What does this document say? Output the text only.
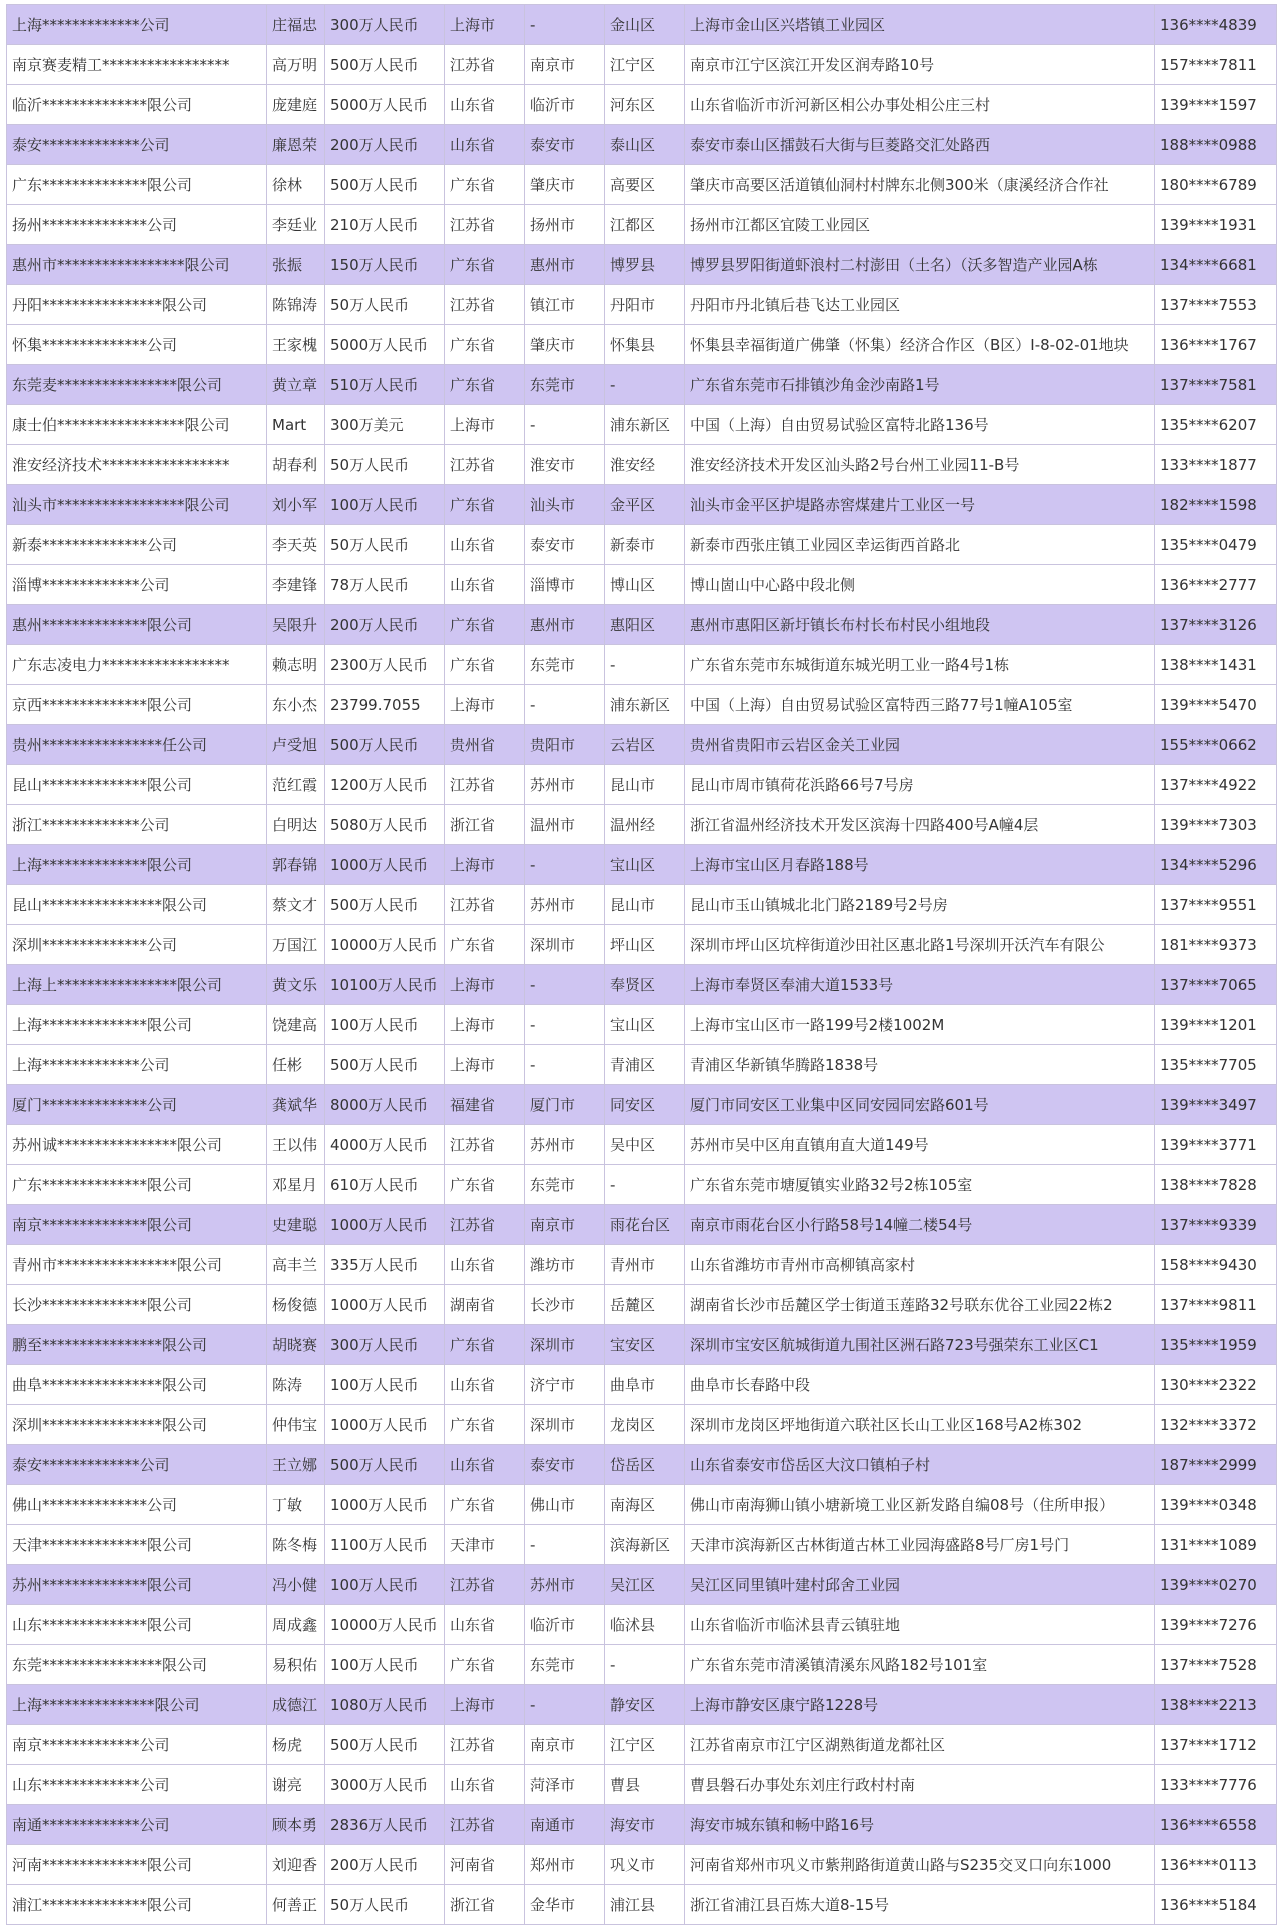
上海*************公司	庄福忠	300万人民币	上海市	-	金山区	上海市金山区兴塔镇工业园区	136****4839
南京赛麦精工*****************	高万明	500万人民币	江苏省	南京市	江宁区	南京市江宁区滨江开发区润寿路10号	157****7811
临沂**************限公司	庞建庭	5000万人民币	山东省	临沂市	河东区	山东省临沂市沂河新区相公办事处相公庄三村	139****1597
泰安*************公司	廉恩荣	200万人民币	山东省	泰安市	泰山区	泰安市泰山区擂鼓石大街与巨菱路交汇处路西	188****0988
广东**************限公司	徐林	500万人民币	广东省	肇庆市	高要区	肇庆市高要区活道镇仙洞村村牌东北侧300米（康溪经济合作社	180****6789
扬州**************公司	李廷业	210万人民币	江苏省	扬州市	江都区	扬州市江都区宜陵工业园区	139****1931
惠州市*****************限公司	张振	150万人民币	广东省	惠州市	博罗县	博罗县罗阳街道虾浪村二村澎田（土名）（沃多智造产业园A栋	134****6681
丹阳****************限公司	陈锦涛	50万人民币	江苏省	镇江市	丹阳市	丹阳市丹北镇后巷飞达工业园区	137****7553
怀集**************公司	王家槐	5000万人民币	广东省	肇庆市	怀集县	怀集县幸福街道广佛肇（怀集）经济合作区（B区）I-8-02-01地块	136****1767
东莞麦****************限公司	黄立章	510万人民币	广东省	东莞市	-	广东省东莞市石排镇沙角金沙南路1号	137****7581
康士伯*****************限公司	Mart	300万美元	上海市	-	浦东新区	中国（上海）自由贸易试验区富特北路136号	135****6207
淮安经济技术*****************	胡春利	50万人民币	江苏省	淮安市	淮安经	淮安经济技术开发区汕头路2号台州工业园11-B号	133****1877
汕头市*****************限公司	刘小军	100万人民币	广东省	汕头市	金平区	汕头市金平区护堤路赤窖煤建片工业区一号	182****1598
新泰**************公司	李天英	50万人民币	山东省	泰安市	新泰市	新泰市西张庄镇工业园区幸运街西首路北	135****0479
淄博*************公司	李建锋	78万人民币	山东省	淄博市	博山区	博山崮山中心路中段北侧	136****2777
惠州**************限公司	吴限升	200万人民币	广东省	惠州市	惠阳区	惠州市惠阳区新圩镇长布村长布村民小组地段	137****3126
广东志凌电力*****************	赖志明	2300万人民币	广东省	东莞市	-	广东省东莞市东城街道东城光明工业一路4号1栋	138****1431
京西**************限公司	东小杰	23799.7055	上海市	-	浦东新区	中国（上海）自由贸易试验区富特西三路77号1幢A105室	139****5470
贵州****************任公司	卢受旭	500万人民币	贵州省	贵阳市	云岩区	贵州省贵阳市云岩区金关工业园	155****0662
昆山**************限公司	范红霞	1200万人民币	江苏省	苏州市	昆山市	昆山市周市镇荷花浜路66号7号房	137****4922
浙江*************公司	白明达	5080万人民币	浙江省	温州市	温州经	浙江省温州经济技术开发区滨海十四路400号A幢4层	139****7303
上海**************限公司	郭春锦	1000万人民币	上海市	-	宝山区	上海市宝山区月春路188号	134****5296
昆山****************限公司	蔡文才	500万人民币	江苏省	苏州市	昆山市	昆山市玉山镇城北北门路2189号2号房	137****9551
深圳**************公司	万国江	10000万人民币	广东省	深圳市	坪山区	深圳市坪山区坑梓街道沙田社区惠北路1号深圳开沃汽车有限公	181****9373
上海上****************限公司	黄文乐	10100万人民币	上海市	-	奉贤区	上海市奉贤区奉浦大道1533号	137****7065
上海**************限公司	饶建高	100万人民币	上海市	-	宝山区	上海市宝山区市一路199号2楼1002M	139****1201
上海*************公司	任彬	500万人民币	上海市	-	青浦区	青浦区华新镇华腾路1838号	135****7705
厦门**************公司	龚斌华	8000万人民币	福建省	厦门市	同安区	厦门市同安区工业集中区同安园同宏路601号	139****3497
苏州诚****************限公司	王以伟	4000万人民币	江苏省	苏州市	吴中区	苏州市吴中区甪直镇甪直大道149号	139****3771
广东**************限公司	邓星月	610万人民币	广东省	东莞市	-	广东省东莞市塘厦镇实业路32号2栋105室	138****7828
南京**************限公司	史建聪	1000万人民币	江苏省	南京市	雨花台区	南京市雨花台区小行路58号14幢二楼54号	137****9339
青州市****************限公司	高丰兰	335万人民币	山东省	潍坊市	青州市	山东省潍坊市青州市高柳镇高家村	158****9430
长沙**************限公司	杨俊德	1000万人民币	湖南省	长沙市	岳麓区	湖南省长沙市岳麓区学士街道玉莲路32号联东优谷工业园22栋2	137****9811
鹏至****************限公司	胡晓赛	300万人民币	广东省	深圳市	宝安区	深圳市宝安区航城街道九围社区洲石路723号强荣东工业区C1	135****1959
曲阜****************限公司	陈涛	100万人民币	山东省	济宁市	曲阜市	曲阜市长春路中段	130****2322
深圳****************限公司	仲伟宝	1000万人民币	广东省	深圳市	龙岗区	深圳市龙岗区坪地街道六联社区长山工业区168号A2栋302	132****3372
泰安*************公司	王立娜	500万人民币	山东省	泰安市	岱岳区	山东省泰安市岱岳区大汶口镇柏子村	187****2999
佛山**************公司	丁敏	1000万人民币	广东省	佛山市	南海区	佛山市南海狮山镇小塘新境工业区新发路自编08号（住所申报）	139****0348
天津**************限公司	陈冬梅	1100万人民币	天津市	-	滨海新区	天津市滨海新区古林街道古林工业园海盛路8号厂房1号门	131****1089
苏州**************限公司	冯小健	100万人民币	江苏省	苏州市	吴江区	吴江区同里镇叶建村邱舍工业园	139****0270
山东**************限公司	周成鑫	10000万人民币	山东省	临沂市	临沭县	山东省临沂市临沭县青云镇驻地	139****7276
东莞****************限公司	易积佑	100万人民币	广东省	东莞市	-	广东省东莞市清溪镇清溪东风路182号101室	137****7528
上海***************限公司	成德江	1080万人民币	上海市	-	静安区	上海市静安区康宁路1228号	138****2213
南京*************公司	杨虎	500万人民币	江苏省	南京市	江宁区	江苏省南京市江宁区湖熟街道龙都社区	137****1712
山东*************公司	谢亮	3000万人民币	山东省	菏泽市	曹县	曹县磐石办事处东刘庄行政村村南	133****7776
南通*************公司	顾本勇	2836万人民币	江苏省	南通市	海安市	海安市城东镇和畅中路16号	136****6558
河南**************限公司	刘迎香	200万人民币	河南省	郑州市	巩义市	河南省郑州市巩义市紫荆路街道黄山路与S235交叉口向东1000	136****0113
浦江**************限公司	何善正	50万人民币	浙江省	金华市	浦江县	浙江省浦江县百炼大道8-15号	136****5184
